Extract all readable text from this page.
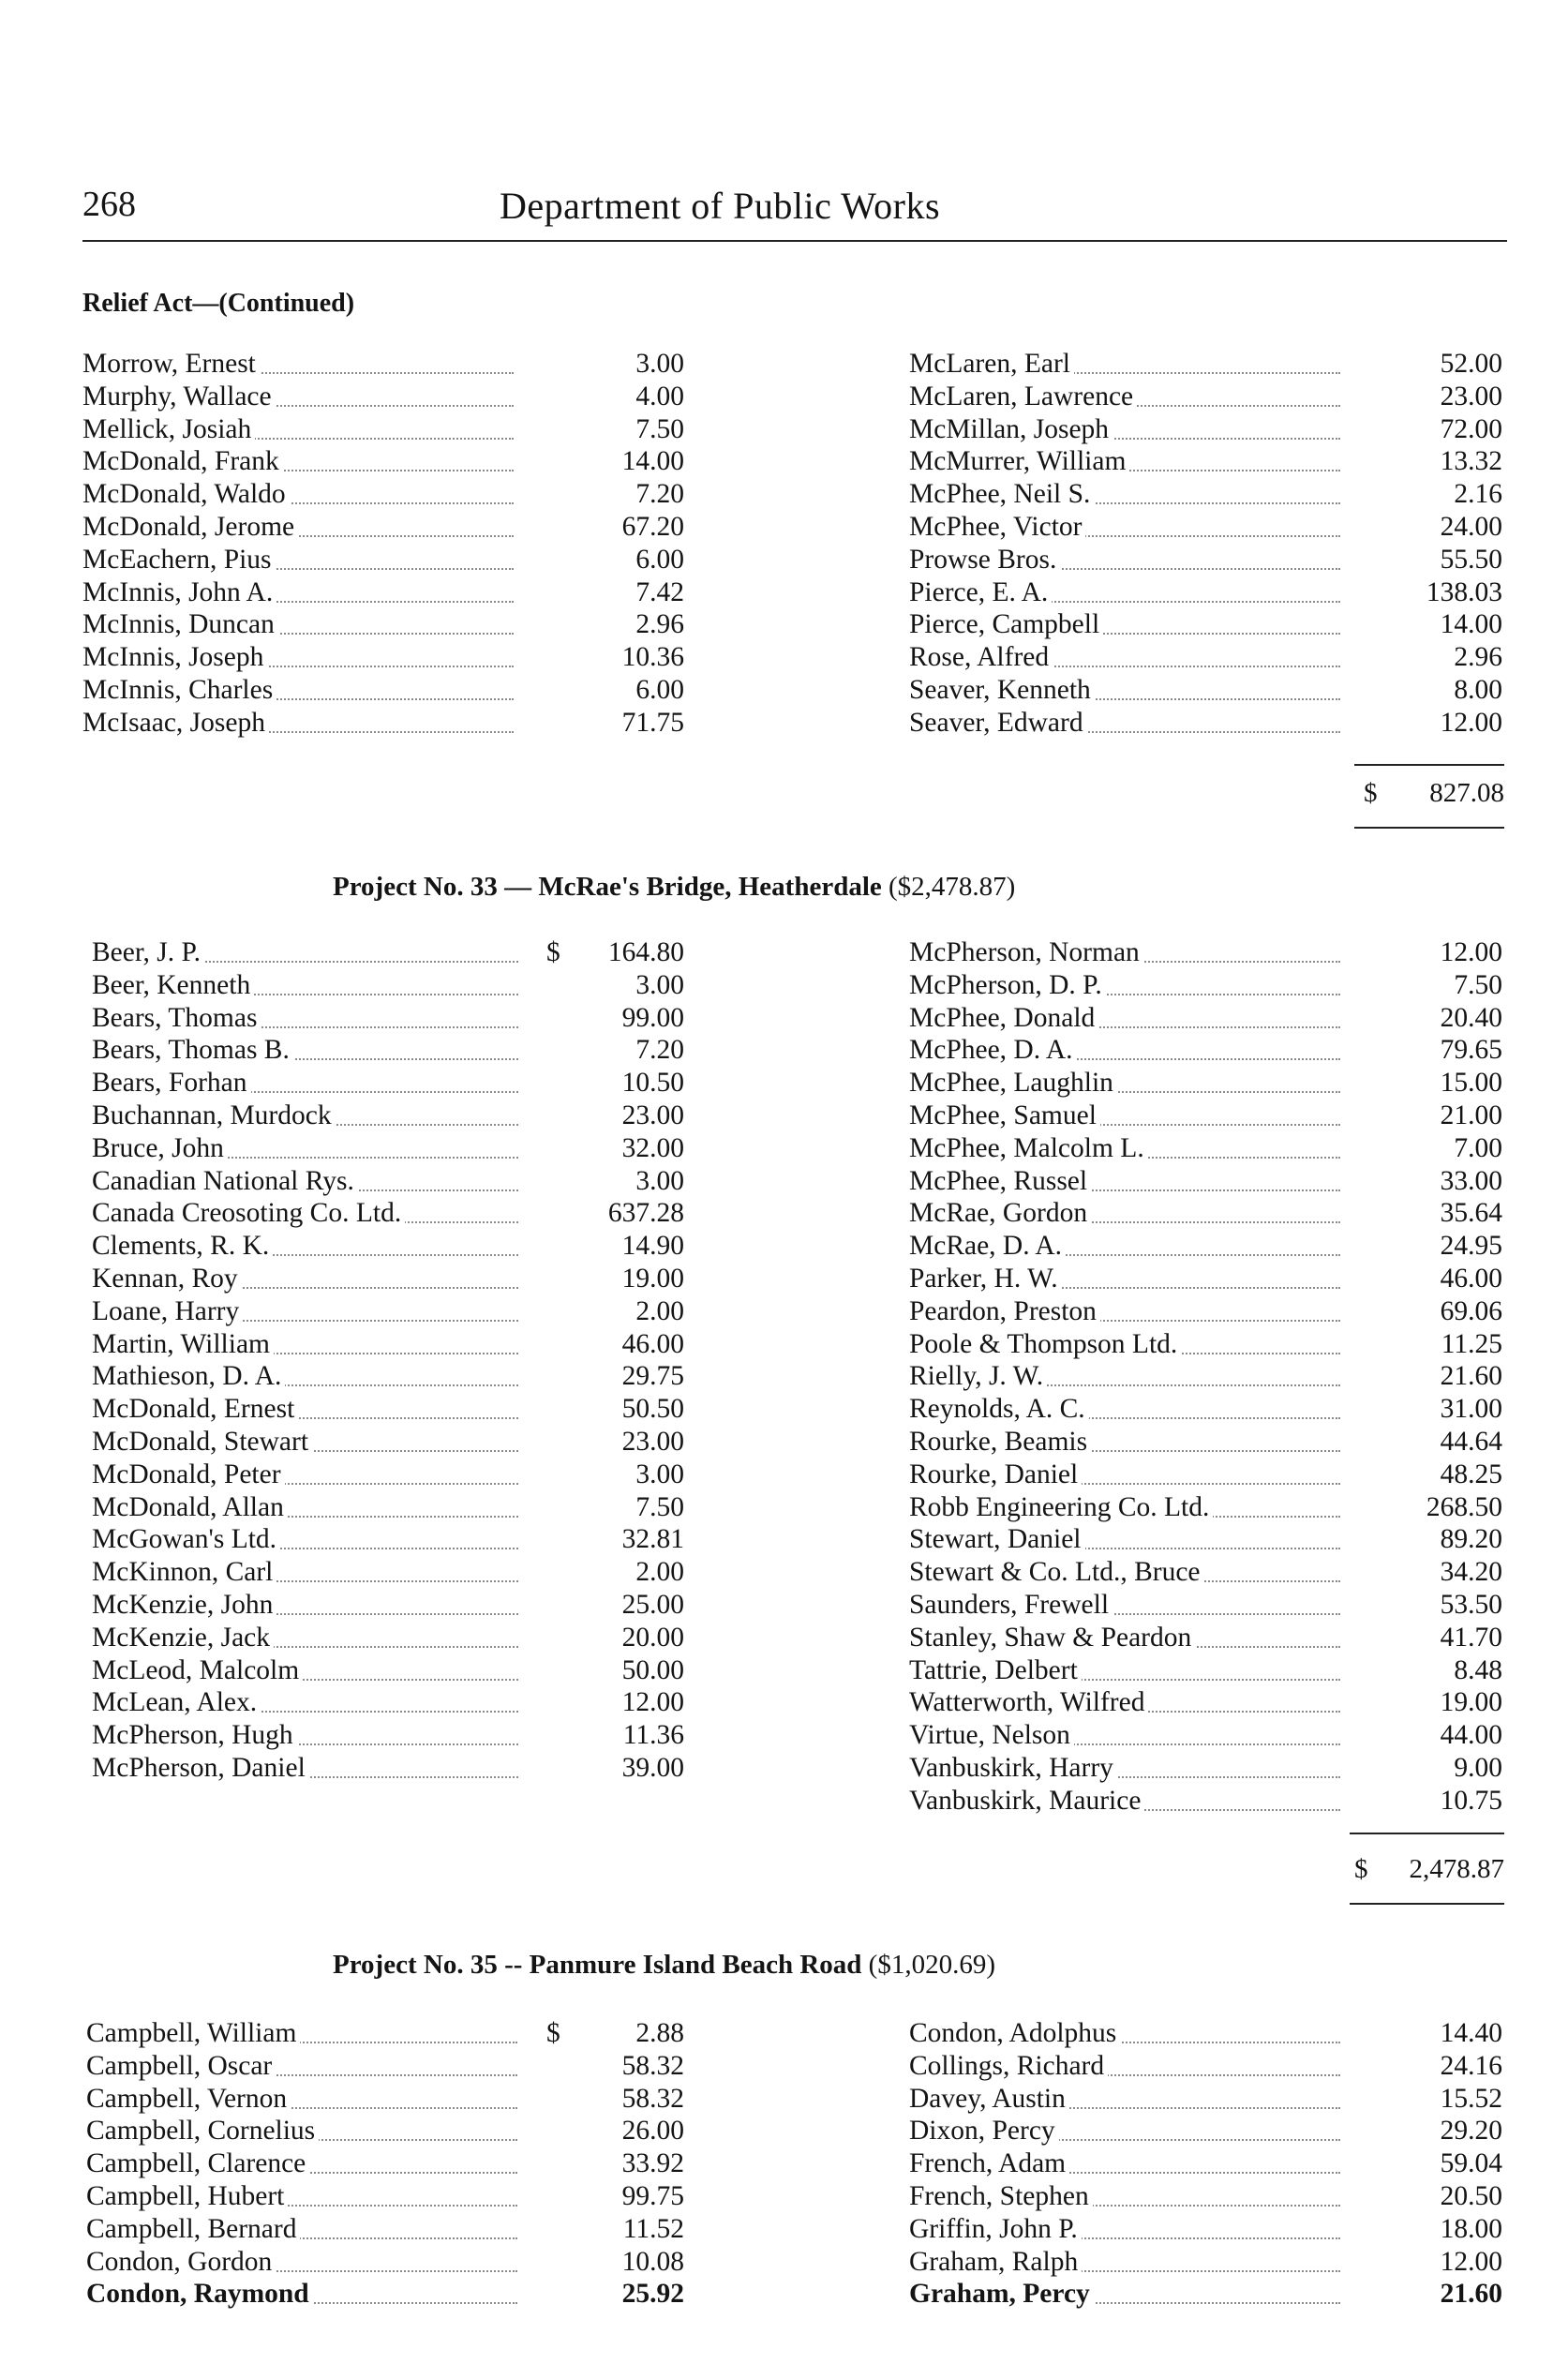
268	Department of Public Works
Relief Act—(Continued)
Morrow, Ernest	3.00
Murphy, Wallace	4.00
Mellick, Josiah	7.50
McDonald, Frank	14.00
McDonald, Waldo	7.20
McDonald, Jerome	67.20
McEachern, Pius	6.00
McInnis, John A.	7.42
McInnis, Duncan	2.96
McInnis, Joseph	10.36
McInnis, Charles	6.00
McIsaac, Joseph	71.75
McLaren, Earl	52.00
McLaren, Lawrence	23.00
McMillan, Joseph	72.00
McMurrer, William	13.32
McPhee, Neil S.	2.16
McPhee, Victor	24.00
Prowse Bros.	55.50
Pierce, E. A.	138.03
Pierce, Campbell	14.00
Rose, Alfred	2.96
Seaver, Kenneth	8.00
Seaver, Edward	12.00
$ 827.08
Project No. 33 — McRae's Bridge, Heatherdale ($2,478.87)
Beer, J. P.	$	164.80
Beer, Kenneth	3.00
Bears, Thomas	99.00
Bears, Thomas B.	7.20
Bears, Forhan	10.50
Buchannan, Murdock	23.00
Bruce, John	32.00
Canadian National Rys.	3.00
Canada Creosoting Co. Ltd.	637.28
Clements, R. K.	14.90
Kennan, Roy	19.00
Loane, Harry	2.00
Martin, William	46.00
Mathieson, D. A.	29.75
McDonald, Ernest	50.50
McDonald, Stewart	23.00
McDonald, Peter	3.00
McDonald, Allan	7.50
McGowan's Ltd.	32.81
McKinnon, Carl	2.00
McKenzie, John	25.00
McKenzie, Jack	20.00
McLeod, Malcolm	50.00
McLean, Alex.	12.00
McPherson, Hugh	11.36
McPherson, Daniel	39.00
McPherson, Norman	12.00
McPherson, D. P.	7.50
McPhee, Donald	20.40
McPhee, D. A.	79.65
McPhee, Laughlin	15.00
McPhee, Samuel	21.00
McPhee, Malcolm L.	7.00
McPhee, Russel	33.00
McRae, Gordon	35.64
McRae, D. A.	24.95
Parker, H. W.	46.00
Peardon, Preston	69.06
Poole & Thompson Ltd.	11.25
Rielly, J. W.	21.60
Reynolds, A. C.	31.00
Rourke, Beamis	44.64
Rourke, Daniel	48.25
Robb Engineering Co. Ltd.	268.50
Stewart, Daniel	89.20
Stewart & Co. Ltd., Bruce	34.20
Saunders, Frewell	53.50
Stanley, Shaw & Peardon	41.70
Tattrie, Delbert	8.48
Watterworth, Wilfred	19.00
Virtue, Nelson	44.00
Vanbuskirk, Harry	9.00
Vanbuskirk, Maurice	10.75
$ 2,478.87
Project No. 35 -- Panmure Island Beach Road ($1,020.69)
Campbell, William	$	2.88
Campbell, Oscar	58.32
Campbell, Vernon	58.32
Campbell, Cornelius	26.00
Campbell, Clarence	33.92
Campbell, Hubert	99.75
Campbell, Bernard	11.52
Condon, Gordon	10.08
Condon, Raymond	25.92
Condon, Adolphus	14.40
Collings, Richard	24.16
Davey, Austin	15.52
Dixon, Percy	29.20
French, Adam	59.04
French, Stephen	20.50
Griffin, John P.	18.00
Graham, Ralph	12.00
Graham, Percy	21.60
